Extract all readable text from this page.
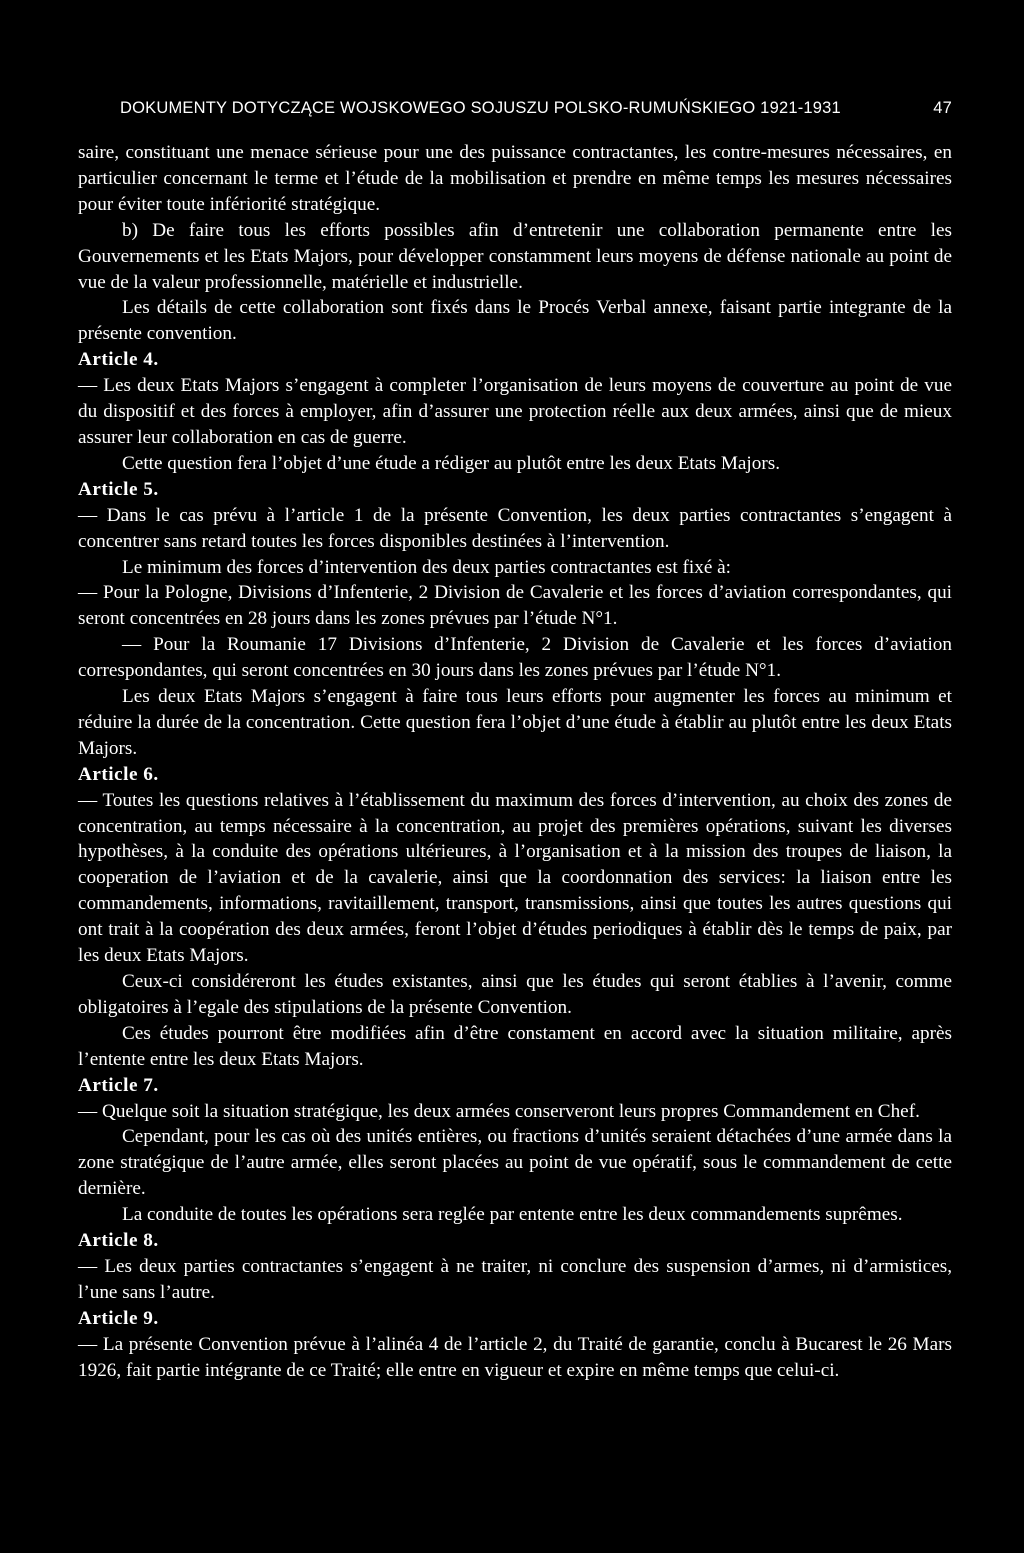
DOKUMENTY DOTYCZĄCE WOJSKOWEGO SOJUSZU POLSKO-RUMUŃSKIEGO 1921-1931	47

saire, constituant une menace sérieuse pour une des puissance contractantes, les contre-mesures nécessaires, en particulier concernant le terme et l’étude de la mobilisation et prendre en même temps les mesures nécessaires pour éviter toute infériorité stratégique.

b) De faire tous les efforts possibles afin d’entretenir une collaboration permanente entre les Gouvernements et les Etats Majors, pour développer constamment leurs moyens de défense nationale au point de vue de la valeur professionnelle, matérielle et industrielle.

Les détails de cette collaboration sont fixés dans le Procés Verbal annexe, faisant partie integrante de la présente convention.

Article 4.

— Les deux Etats Majors s’engagent à completer l’organisation de leurs moyens de couverture au point de vue du dispositif et des forces à employer, afin d’assurer une protection réelle aux deux armées, ainsi que de mieux assurer leur collaboration en cas de guerre.

Cette question fera l’objet d’une étude a rédiger au plutôt entre les deux Etats Majors.

Article 5.

— Dans le cas prévu à l’article 1 de la présente Convention, les deux parties contractantes s’engagent à concentrer sans retard toutes les forces disponibles destinées à l’intervention.

Le minimum des forces d’intervention des deux parties contractantes est fixé à:

— Pour la Pologne, Divisions d’Infenterie, 2 Division de Cavalerie et les forces d’aviation correspondantes, qui seront concentrées en 28 jours dans les zones prévues par l’étude N°1.

— Pour la Roumanie 17 Divisions d’Infenterie, 2 Division de Cavalerie et les forces d’aviation correspondantes, qui seront concentrées en 30 jours dans les zones prévues par l’étude N°1.

Les deux Etats Majors s’engagent à faire tous leurs efforts pour augmenter les forces au minimum et réduire la durée de la concentration. Cette question fera l’objet d’une étude à établir au plutôt entre les deux Etats Majors.

Article 6.

— Toutes les questions relatives à l’établissement du maximum des forces d’intervention, au choix des zones de concentration, au temps nécessaire à la concentration, au projet des premières opérations, suivant les diverses hypothèses, à la conduite des opérations ultérieures, à l’organisation et à la mission des troupes de liaison, la cooperation de l’aviation et de la cavalerie, ainsi que la coordonnation des services: la liaison entre les commandements, informations, ravitaillement, transport, transmissions, ainsi que toutes les autres questions qui ont trait à la coopération des deux armées, feront l’objet d’études periodiques à établir dès le temps de paix, par les deux Etats Majors.

Ceux-ci considéreront les études existantes, ainsi que les études qui seront établies à l’avenir, comme obligatoires à l’egale des stipulations de la présente Convention.

Ces études pourront être modifiées afin d’être constament en accord avec la situation militaire, après l’entente entre les deux Etats Majors.

Article 7.

— Quelque soit la situation stratégique, les deux armées conserveront leurs propres Commandement en Chef.

Cependant, pour les cas où des unités entières, ou fractions d’unités seraient détachées d’une armée dans la zone stratégique de l’autre armée, elles seront placées au point de vue opératif, sous le commandement de cette dernière.

La conduite de toutes les opérations sera reglée par entente entre les deux commandements suprêmes.

Article 8.

— Les deux parties contractantes s’engagent à ne traiter, ni conclure des suspension d’armes, ni d’armistices, l’une sans l’autre.

Article 9.

— La présente Convention prévue à l’alinéa 4 de l’article 2, du Traité de garantie, conclu à Bucarest le 26 Mars 1926, fait partie intégrante de ce Traité; elle entre en vigueur et expire en même temps que celui-ci.
